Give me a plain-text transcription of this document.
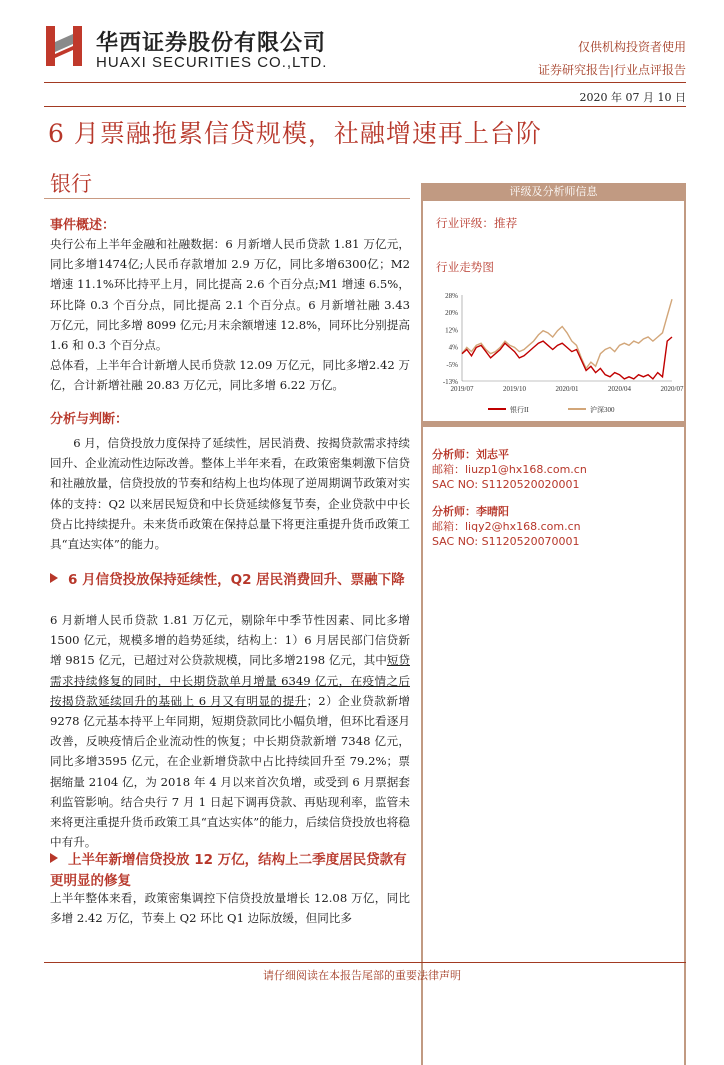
华西证券股份有限公司
HUAXI SECURITIES CO.,LTD.
仅供机构投资者使用
证券研究报告|行业点评报告
2020 年 07 月 10 日
6 月票融拖累信贷规模，社融增速再上台阶
银行
事件概述：

央行公布上半年金融和社融数据：6 月新增人民币贷款 1.81 万亿元，同比多增1474亿;人民币存款增加 2.9 万亿，同比多增6300亿；M2 增速 11.1%环比持平上月，同比提高 2.6 个百分点;M1 增速 6.5%，环比降 0.3 个百分点，同比提高 2.1 个百分点。6 月新增社融 3.43 万亿元，同比多增 8099 亿元;月末余额增速 12.8%，同环比分别提高 1.6 和 0.3 个百分点。

总体看，上半年合计新增人民币贷款 12.09 万亿元，同比多增2.42 万亿，合计新增社融 20.83 万亿元，同比多增 6.22 万亿。

分析与判断：

6 月，信贷投放力度保持了延续性，居民消费、按揭贷款需求持续回升、企业流动性边际改善。整体上半年来看，在政策密集刺激下信贷和社融放量，信贷投放的节奏和结构上也均体现了逆周期调节政策对实体的支持：Q2 以来居民短贷和中长贷延续修复节奏，企业贷款中中长贷占比持续提升。未来货币政策在保持总量下将更注重提升货币政策工具“直达实体”的能力。

6 月信贷投放保持延续性，Q2 居民消费回升、票融下降

6 月新增人民币贷款 1.81 万亿元，剔除年中季节性因素、同比多增 1500 亿元，规模多增的趋势延续，结构上：1）6 月居民部门信贷新增 9815 亿元，已超过对公贷款规模，同比多增2198 亿元，其中短贷需求持续修复的同时，中长期贷款单月增量 6349 亿元，在疫情之后按揭贷款延续回升的基础上 6 月又有明显的提升；2）企业贷款新增 9278 亿元基本持平上年同期，短期贷款同比小幅负增，但环比看逐月改善，反映疫情后企业流动性的恢复；中长期贷款新增 7348 亿元，同比多增3595 亿元，在企业新增贷款中占比持续回升至 79.2%；票据缩量 2104 亿，为 2018 年 4 月以来首次负增，或受到 6 月票据套利监管影响。结合央行 7 月 1 日起下调再贷款、再贴现利率，监管未来将更注重提升货币政策工具“直达实体”的能力，后续信贷投放也将稳中有升。

上半年新增信贷投放 12 万亿，结构上二季度居民贷款有更明显的修复

上半年整体来看，政策密集调控下信贷投放量增长 12.08 万亿，同比多增 2.42 万亿，节奏上 Q2 环比 Q1 边际放缓，但同比多

评级及分析师信息
行业评级：推荐
行业走势图
28%
20%
12%
4%
-5%
-13%
2019/07	2019/10	2020/01	2020/04	2020/07
银行II	沪深300
分析师：刘志平
邮箱：liuzp1@hx168.com.cn
SAC NO: S1120520020001
分析师：李晴阳
邮箱：liqy2@hx168.com.cn
SAC NO: S1120520070001
请仔细阅读在本报告尾部的重要法律声明
